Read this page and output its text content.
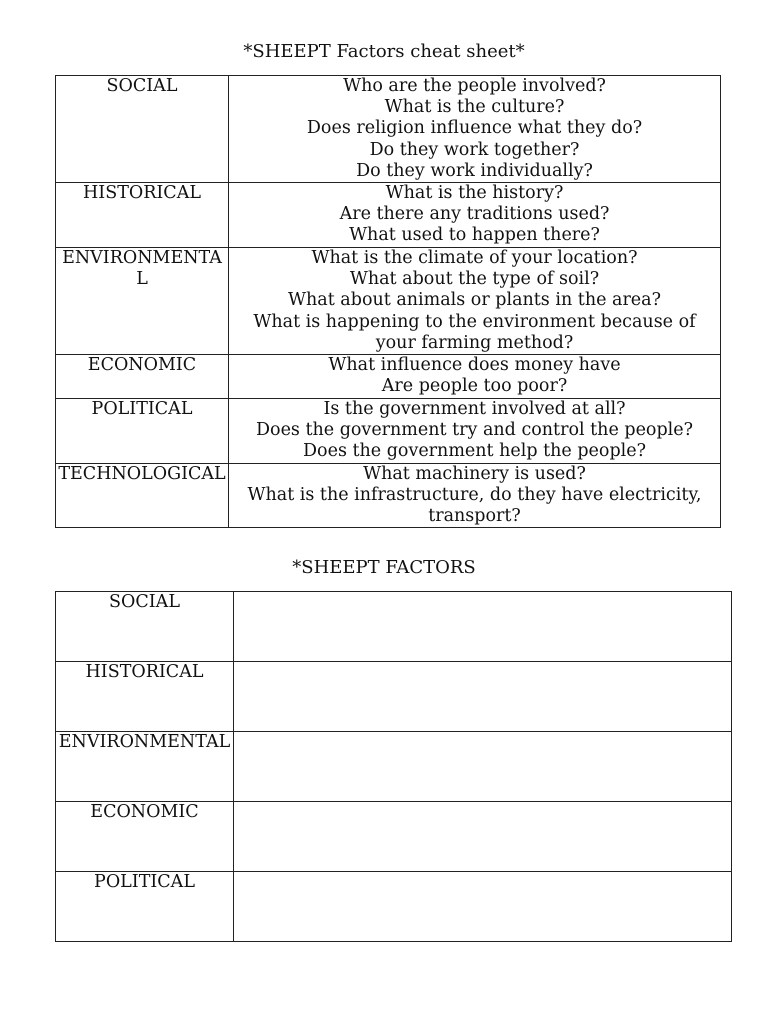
*SHEEPT Factors cheat sheet*
SOCIAL	Who are the people involved?
What is the culture?
Does religion influence what they do?
Do they work together?
Do they work individually?

HISTORICAL	What is the history?
Are there any traditions used?
What used to happen there?

ENVIRONMENTAL	What is the climate of your location?
What about the type of soil?
What about animals or plants in the area?
What is happening to the environment because of your farming method?

ECONOMIC	What influence does money have
Are people too poor?

POLITICAL	Is the government involved at all?
Does the government try and control the people?
Does the government help the people?

TECHNOLOGICAL	What machinery is used?
What is the infrastructure, do they have electricity, transport?
*SHEEPT FACTORS
SOCIAL	
HISTORICAL	
ENVIRONMENTAL	
ECONOMIC	
POLITICAL	
